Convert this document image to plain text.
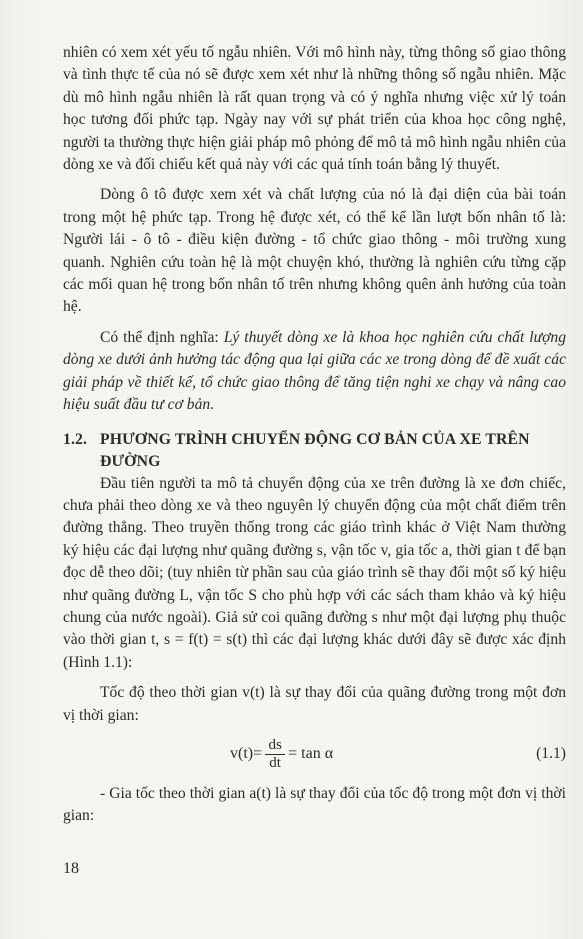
nhiên có xem xét yếu tố ngẫu nhiên. Với mô hình này, từng thông số giao thông và tình thực tế của nó sẽ được xem xét như là những thông số ngẫu nhiên. Mặc dù mô hình ngẫu nhiên là rất quan trọng và có ý nghĩa nhưng việc xử lý toán học tương đối phức tạp. Ngày nay với sự phát triển của khoa học công nghệ, người ta thường thực hiện giải pháp mô phỏng để mô tả mô hình ngẫu nhiên của dòng xe và đối chiếu kết quả này với các quả tính toán bằng lý thuyết.

Dòng ô tô được xem xét và chất lượng của nó là đại diện của bài toán trong một hệ phức tạp. Trong hệ được xét, có thể kể lần lượt bốn nhân tố là: Người lái - ô tô - điều kiện đường - tổ chức giao thông - môi trường xung quanh. Nghiên cứu toàn hệ là một chuyện khó, thường là nghiên cứu từng cặp các mối quan hệ trong bốn nhân tố trên nhưng không quên ảnh hưởng của toàn hệ.

Có thể định nghĩa: Lý thuyết dòng xe là khoa học nghiên cứu chất lượng dòng xe dưới ảnh hưởng tác động qua lại giữa các xe trong dòng để đề xuất các giải pháp về thiết kế, tổ chức giao thông để tăng tiện nghi xe chạy và nâng cao hiệu suất đầu tư cơ bản.

1.2. PHƯƠNG TRÌNH CHUYỂN ĐỘNG CƠ BẢN CỦA XE TRÊN ĐƯỜNG

Đầu tiên người ta mô tả chuyển động của xe trên đường là xe đơn chiếc, chưa phải theo dòng xe và theo nguyên lý chuyển động của một chất điểm trên đường thẳng. Theo truyền thống trong các giáo trình khác ở Việt Nam thường ký hiệu các đại lượng như quãng đường s, vận tốc v, gia tốc a, thời gian t để bạn đọc dễ theo dõi; (tuy nhiên từ phần sau của giáo trình sẽ thay đổi một số ký hiệu như quãng đường L, vận tốc S cho phù hợp với các sách tham khảo và ký hiệu chung của nước ngoài). Giả sử coi quãng đường s như một đại lượng phụ thuộc vào thời gian t, s = f(t) = s(t) thì các đại lượng khác dưới đây sẽ được xác định (Hình 1.1):

Tốc độ theo thời gian v(t) là sự thay đổi của quãng đường trong một đơn vị thời gian:

$v(t)= \frac{ds}{dt} = \tan \alpha$	(1.1)

- Gia tốc theo thời gian a(t) là sự thay đổi của tốc độ trong một đơn vị thời gian:

18
